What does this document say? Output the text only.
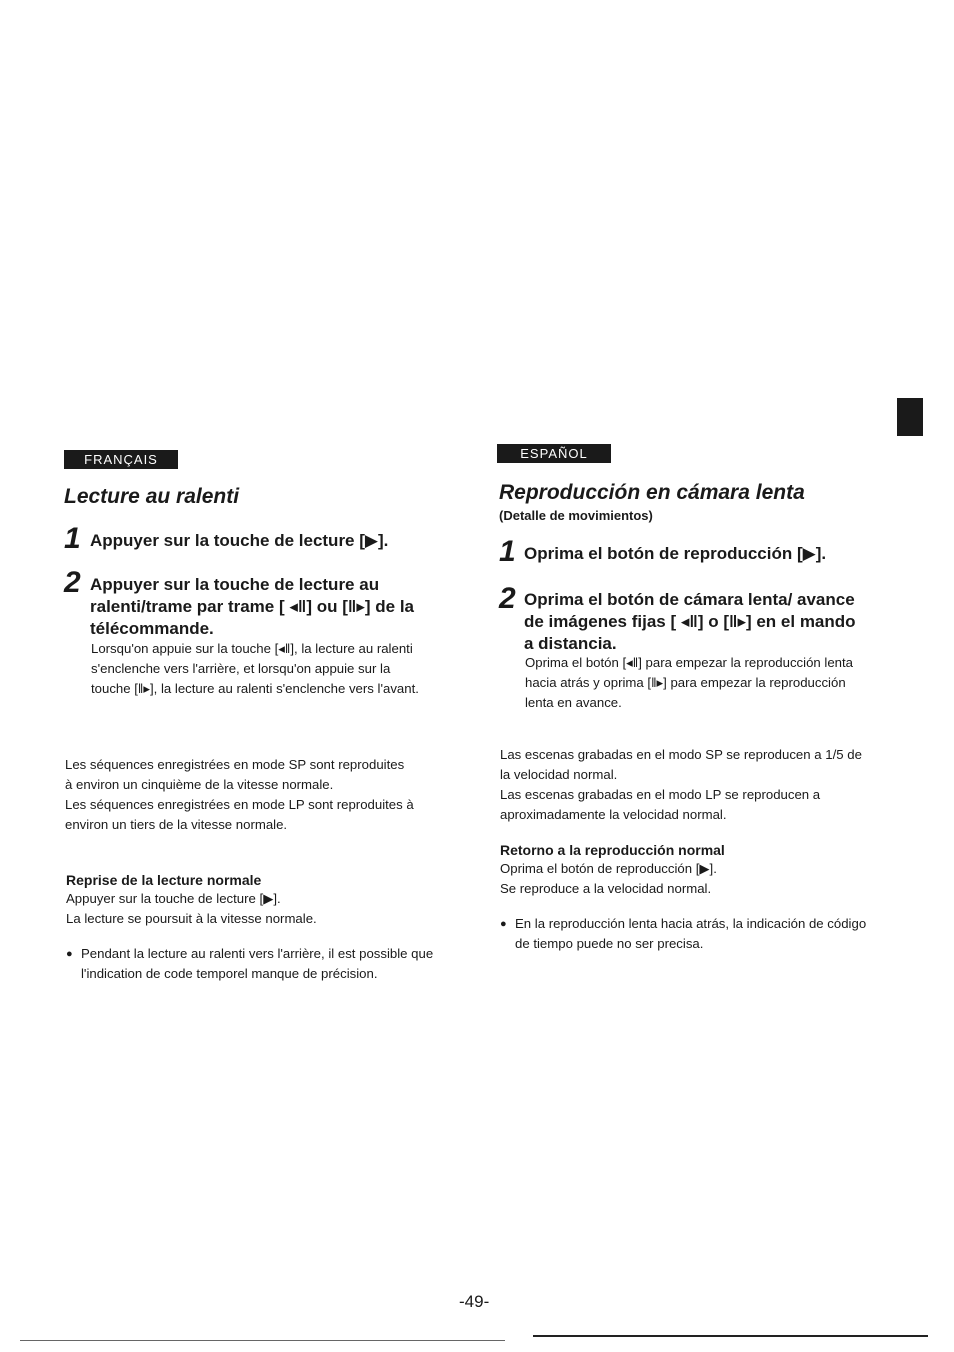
FRANÇAIS
Lecture au ralenti
1 Appuyer sur la touche de lecture [▶].
2 Appuyer sur la touche de lecture au ralenti/trame par trame [ ◂‖] ou [‖▸] de la télécommande.
Lorsqu'on appuie sur la touche [◂‖], la lecture au ralenti s'enclenche vers l'arrière, et lorsqu'on appuie sur la touche [‖▸], la lecture au ralenti s'enclenche vers l'avant.

Les séquences enregistrées en mode SP sont reproduites à environ un cinquième de la vitesse normale.

Les séquences enregistrées en mode LP sont reproduites à environ un tiers de la vitesse normale.

Reprise de la lecture normale

Appuyer sur la touche de lecture [▶].

La lecture se poursuit à la vitesse normale.

● Pendant la lecture au ralenti vers l'arrière, il est possible que l'indication de code temporel manque de précision.
ESPAÑOL
Reproducción en cámara lenta
(Detalle de movimientos)
1 Oprima el botón de reproducción [▶].
2 Oprima el botón de cámara lenta/ avance de imágenes fijas [ ◂‖] o [‖▸] en el mando a distancia.
Oprima el botón [◂‖] para empezar la reproducción lenta hacia atrás y oprima [‖▸] para empezar la reproducción lenta en avance.

Las escenas grabadas en el modo SP se reproducen a 1/5 de la velocidad normal.

Las escenas grabadas en el modo LP se reproducen a aproximadamente la velocidad normal.

Retorno a la reproducción normal

Oprima el botón de reproducción [▶].

Se reproduce a la velocidad normal.

● En la reproducción lenta hacia atrás, la indicación de código de tiempo puede no ser precisa.
-49-
